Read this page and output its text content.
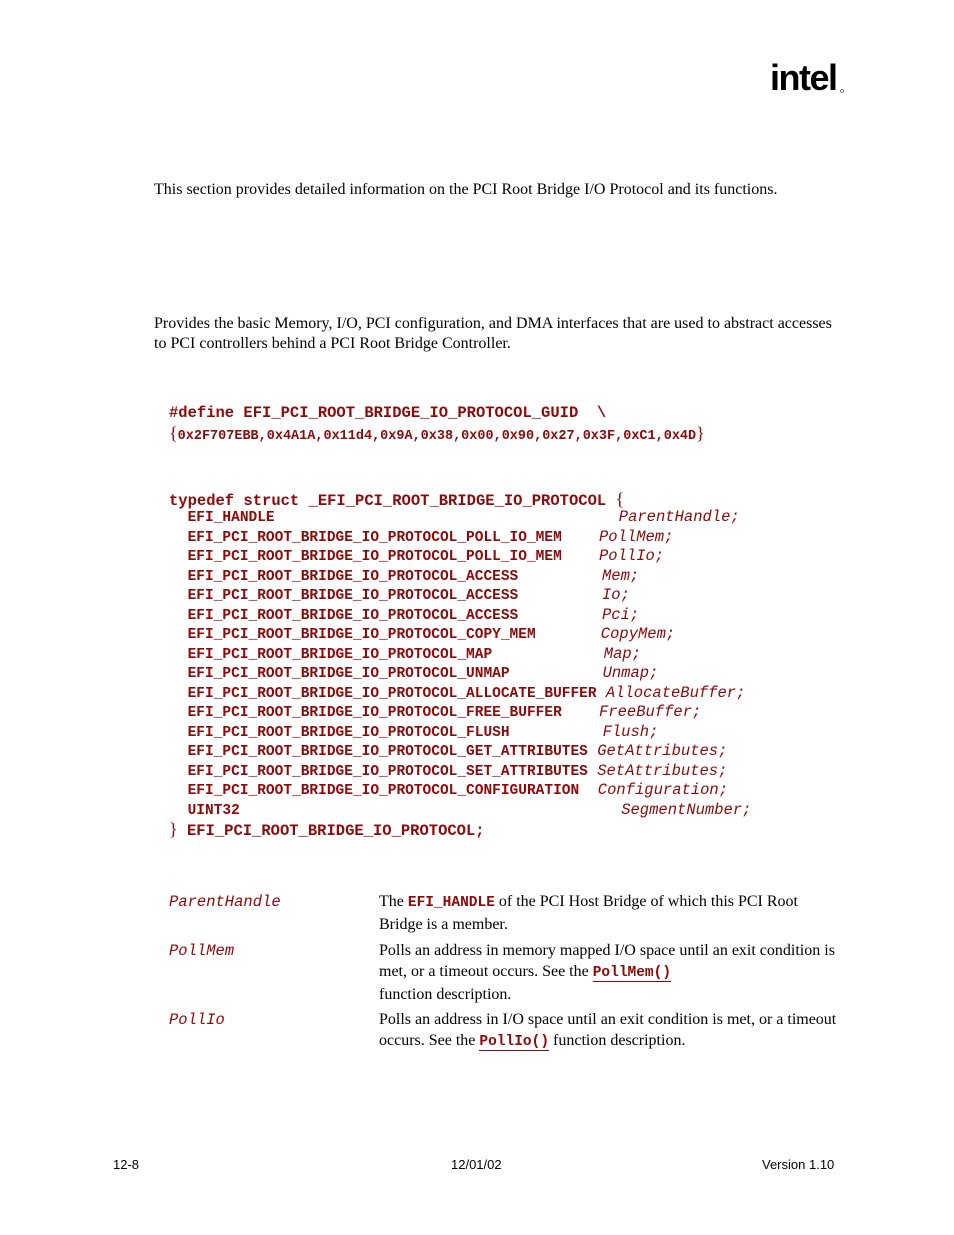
intel
This section provides detailed information on the PCI Root Bridge I/O Protocol and its functions.
Provides the basic Memory, I/O, PCI configuration, and DMA interfaces that are used to abstract accesses to PCI controllers behind a PCI Root Bridge Controller.
#define EFI_PCI_ROOT_BRIDGE_IO_PROTOCOL_GUID  \
{0x2F707EBB,0x4A1A,0x11d4,0x9A,0x38,0x00,0x90,0x27,0x3F,0xC1,0x4D}
typedef struct _EFI_PCI_ROOT_BRIDGE_IO_PROTOCOL {
EFI_HANDLE	ParentHandle;
EFI_PCI_ROOT_BRIDGE_IO_PROTOCOL_POLL_IO_MEM PollMem;
EFI_PCI_ROOT_BRIDGE_IO_PROTOCOL_POLL_IO_MEM PollIo;
EFI_PCI_ROOT_BRIDGE_IO_PROTOCOL_ACCESS	Mem;
EFI_PCI_ROOT_BRIDGE_IO_PROTOCOL_ACCESS	Io;
EFI_PCI_ROOT_BRIDGE_IO_PROTOCOL_ACCESS	Pci;
EFI_PCI_ROOT_BRIDGE_IO_PROTOCOL_COPY_MEM	CopyMem;
EFI_PCI_ROOT_BRIDGE_IO_PROTOCOL_MAP	Map;
EFI_PCI_ROOT_BRIDGE_IO_PROTOCOL_UNMAP	Unmap;
EFI_PCI_ROOT_BRIDGE_IO_PROTOCOL_ALLOCATE_BUFFER AllocateBuffer;
EFI_PCI_ROOT_BRIDGE_IO_PROTOCOL_FREE_BUFFER FreeBuffer;
EFI_PCI_ROOT_BRIDGE_IO_PROTOCOL_FLUSH	Flush;
EFI_PCI_ROOT_BRIDGE_IO_PROTOCOL_GET_ATTRIBUTES GetAttributes;
EFI_PCI_ROOT_BRIDGE_IO_PROTOCOL_SET_ATTRIBUTES SetAttributes;
EFI_PCI_ROOT_BRIDGE_IO_PROTOCOL_CONFIGURATION Configuration;
UINT32	SegmentNumber;
} EFI_PCI_ROOT_BRIDGE_IO_PROTOCOL;
ParentHandle	The EFI_HANDLE of the PCI Host Bridge of which this PCI Root Bridge is a member.
PollMem	Polls an address in memory mapped I/O space until an exit condition is met, or a timeout occurs. See the PollMem()
function description.
PollIo	Polls an address in I/O space until an exit condition is met, or a timeout occurs. See the PollIo() function description.
12-8	12/01/02	Version 1.10
